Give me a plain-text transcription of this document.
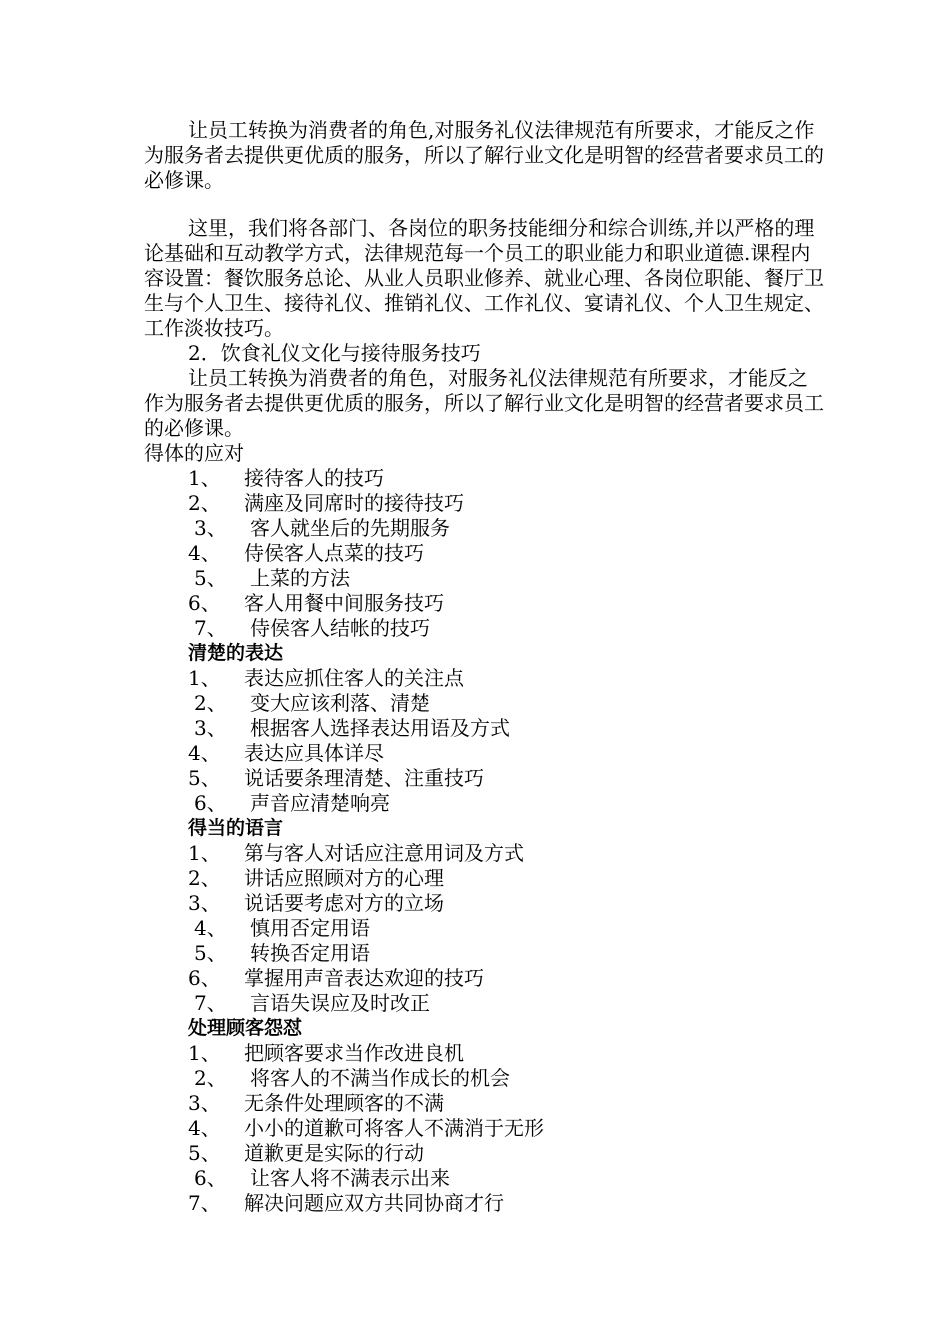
让员工转换为消费者的角色,对服务礼仪法律规范有所要求，才能反之作为服务者去提供更优质的服务，所以了解行业文化是明智的经营者要求员工的必修课。

这里，我们将各部门、各岗位的职务技能细分和综合训练,并以严格的理论基础和互动教学方式，法律规范每一个员工的职业能力和职业道德.课程内容设置：餐饮服务总论、从业人员职业修养、就业心理、各岗位职能、餐厅卫生与个人卫生、接待礼仪、推销礼仪、工作礼仪、宴请礼仪、个人卫生规定、工作淡妆技巧。

2．饮食礼仪文化与接待服务技巧

让员工转换为消费者的角色，对服务礼仪法律规范有所要求，才能反之作为服务者去提供更优质的服务，所以了解行业文化是明智的经营者要求员工的必修课。

得体的应对

1、 接待客人的技巧
2、 满座及同席时的接待技巧
3、 客人就坐后的先期服务
4、 侍侯客人点菜的技巧
5、 上菜的方法
6、 客人用餐中间服务技巧
7、 侍侯客人结帐的技巧

清楚的表达

1、 表达应抓住客人的关注点
2、 变大应该利落、清楚
3、 根据客人选择表达用语及方式
4、 表达应具体详尽
5、 说话要条理清楚、注重技巧
6、 声音应清楚响亮

得当的语言

1、 第与客人对话应注意用词及方式
2、 讲话应照顾对方的心理
3、 说话要考虑对方的立场
4、 慎用否定用语
5、 转换否定用语
6、 掌握用声音表达欢迎的技巧
7、 言语失误应及时改正

处理顾客怨怼

1、 把顾客要求当作改进良机
2、 将客人的不满当作成长的机会
3、 无条件处理顾客的不满
4、 小小的道歉可将客人不满消于无形
5、 道歉更是实际的行动
6、 让客人将不满表示出来
7、 解决问题应双方共同协商才行
